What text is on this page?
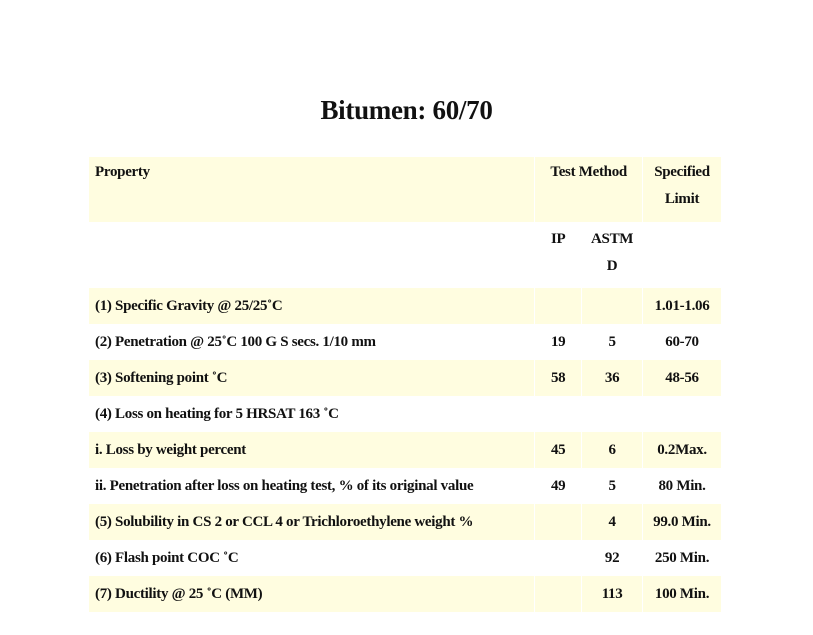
Bitumen: 60/70
Property	Test Method		Specified Limit
	IP	ASTM D	
(1) Specific Gravity @ 25/25˚C			1.01-1.06
(2) Penetration @ 25˚C 100 G S secs. 1/10 mm	19	5	60-70
(3) Softening point ˚C	58	36	48-56
(4) Loss on heating for 5 HRSAT 163 ˚C			
i. Loss by weight percent	45	6	0.2Max.
ii. Penetration after loss on heating test, % of its original value	49	5	80 Min.
(5) Solubility in CS 2 or CCL 4 or Trichloroethylene weight %		4	99.0 Min.
(6) Flash point COC ˚C		92	250 Min.
(7) Ductility @ 25 ˚C (MM)		113	100 Min.
